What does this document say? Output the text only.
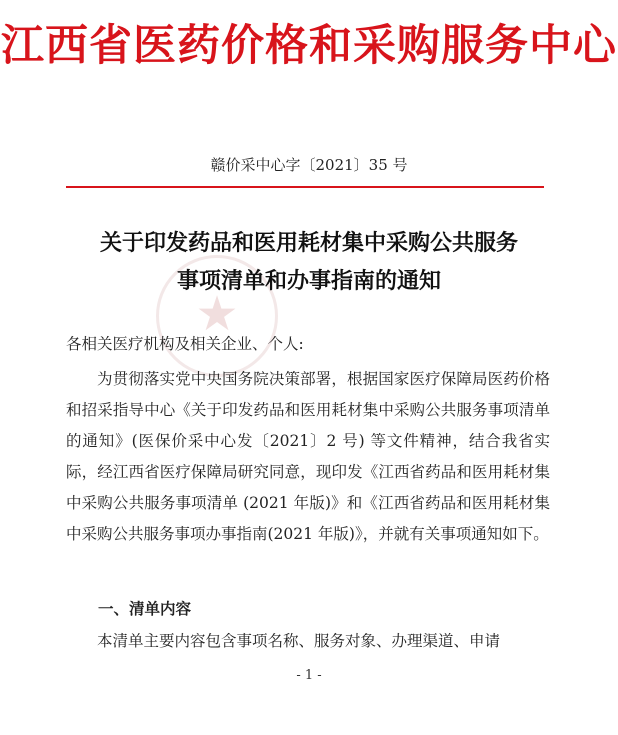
江西省医药价格和采购服务中心
赣价采中心字〔2021〕35 号
★
关于印发药品和医用耗材集中采购公共服务
事项清单和办事指南的通知
各相关医疗机构及相关企业、个人:

为贯彻落实党中央国务院决策部署，根据国家医疗保障局医药价格和招采指导中心《关于印发药品和医用耗材集中采购公共服务事项清单的通知》(医保价采中心发〔2021〕2 号) 等文件精神，结合我省实际，经江西省医疗保障局研究同意，现印发《江西省药品和医用耗材集中采购公共服务事项清单 (2021 年版)》和《江西省药品和医用耗材集中采购公共服务事项办事指南(2021 年版)》，并就有关事项通知如下。

一、清单内容

本清单主要内容包含事项名称、服务对象、办理渠道、申请

- 1 -
